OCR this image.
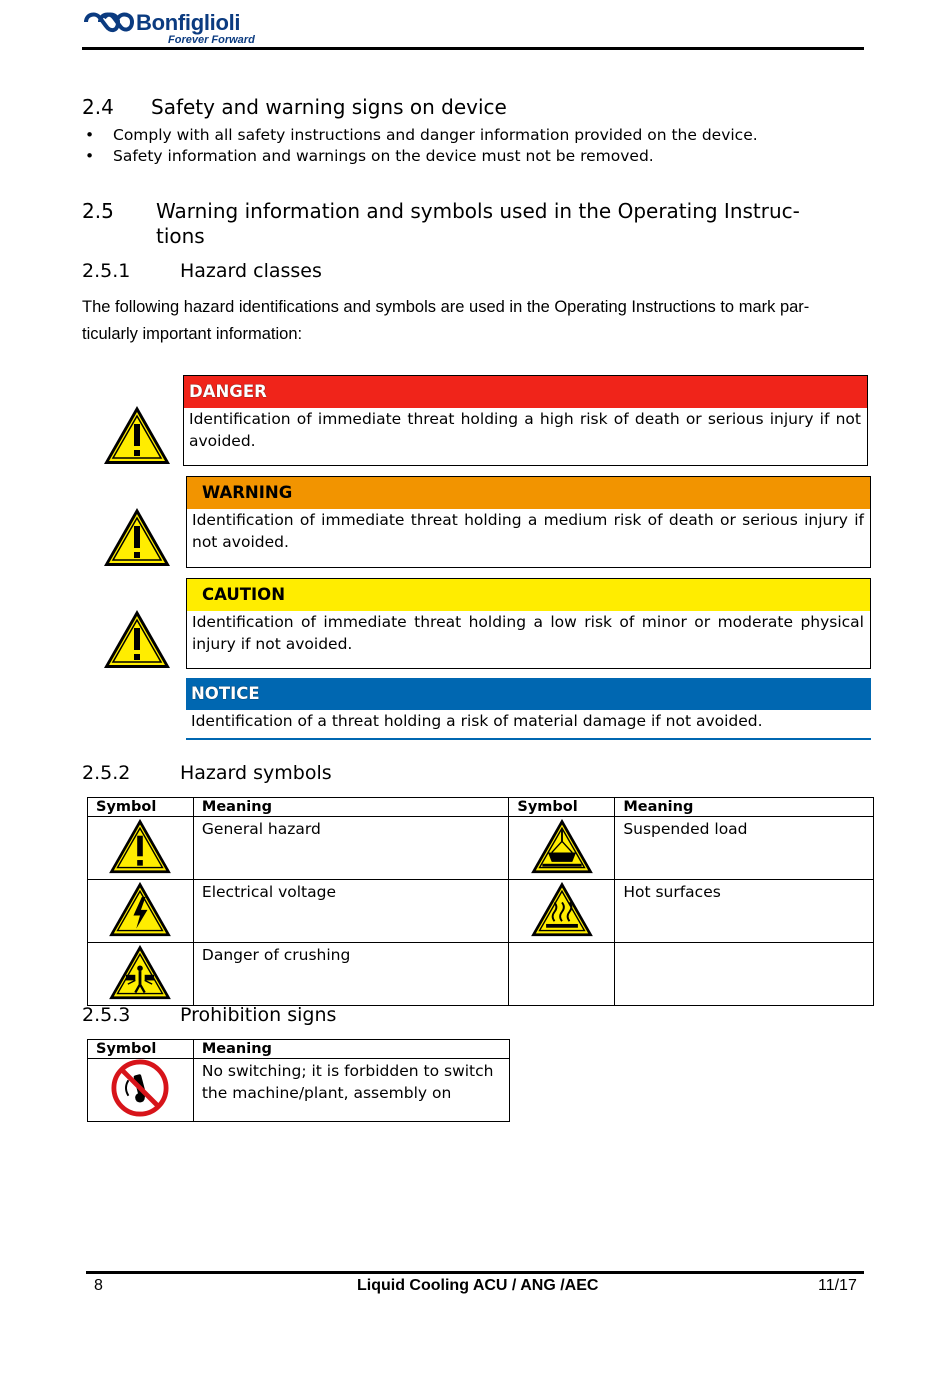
Bonfiglioli
Forever Forward
2.4 Safety and warning signs on device
• Comply with all safety instructions and danger information provided on the device.
• Safety information and warnings on the device must not be removed.
2.5 Warning information and symbols used in the Operating Instruc-
tions
2.5.1	Hazard classes
The following hazard identifications and symbols are used in the Operating Instructions to mark par-
ticularly important information:
DANGER
Identification of immediate threat holding a high risk of death or serious injury if not avoided.
WARNING
Identification of immediate threat holding a medium risk of death or serious injury if not avoided.
CAUTION
Identification of immediate threat holding a low risk of minor or moderate physical injury if not avoided.
NOTICE
Identification of a threat holding a risk of material damage if not avoided.
2.5.2	Hazard symbols
Symbol	Meaning	Symbol	Meaning
	General hazard		Suspended load
	Electrical voltage		Hot surfaces
	Danger of crushing		
2.5.3	Prohibition signs
Symbol	Meaning

No switching; it is forbidden to switch
the machine/plant, assembly on
8	Liquid Cooling ACU / ANG /AEC	11/17
